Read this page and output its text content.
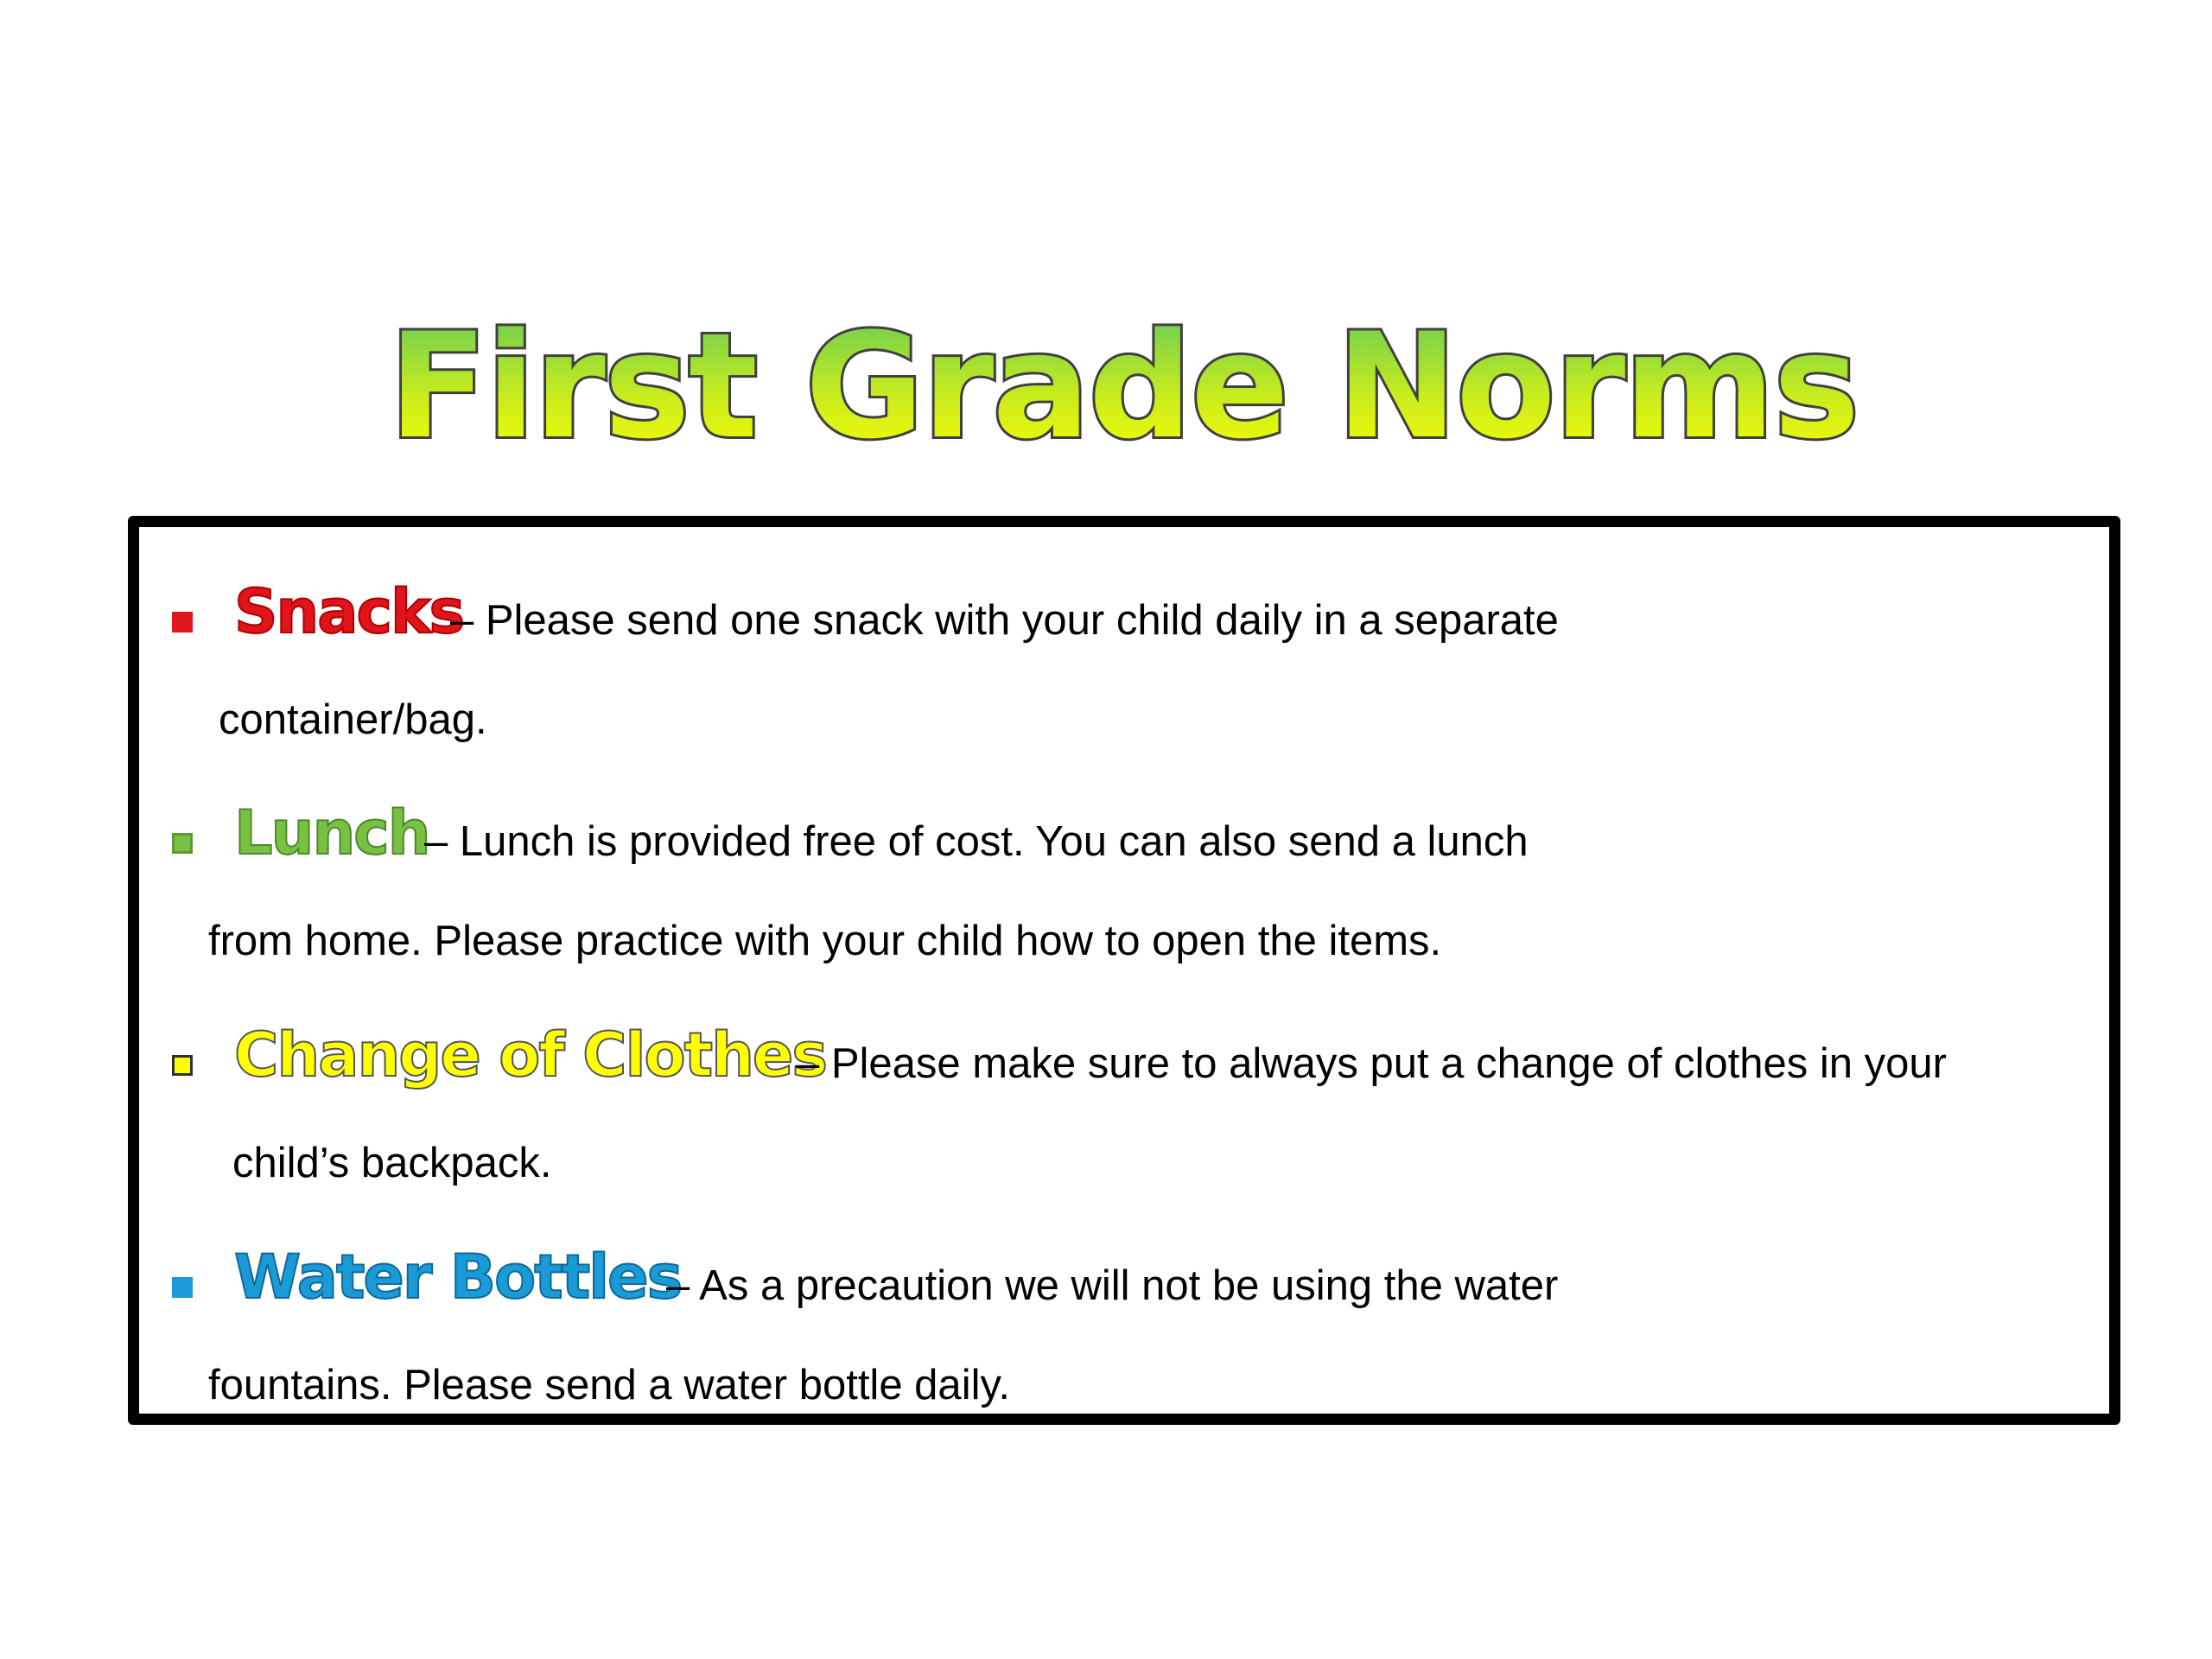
First Grade Norms
Snacks
– Please send one snack with your child daily in a separate
container/bag.
Lunch
– Lunch is provided free of cost. You can also send a lunch
from home. Please practice with your child how to open the items.
Change of Clothes
– Please make sure to always put a change of clothes in your
child’s backpack.
Water Bottles
– As a precaution we will not be using the water
fountains. Please send a water bottle daily.
